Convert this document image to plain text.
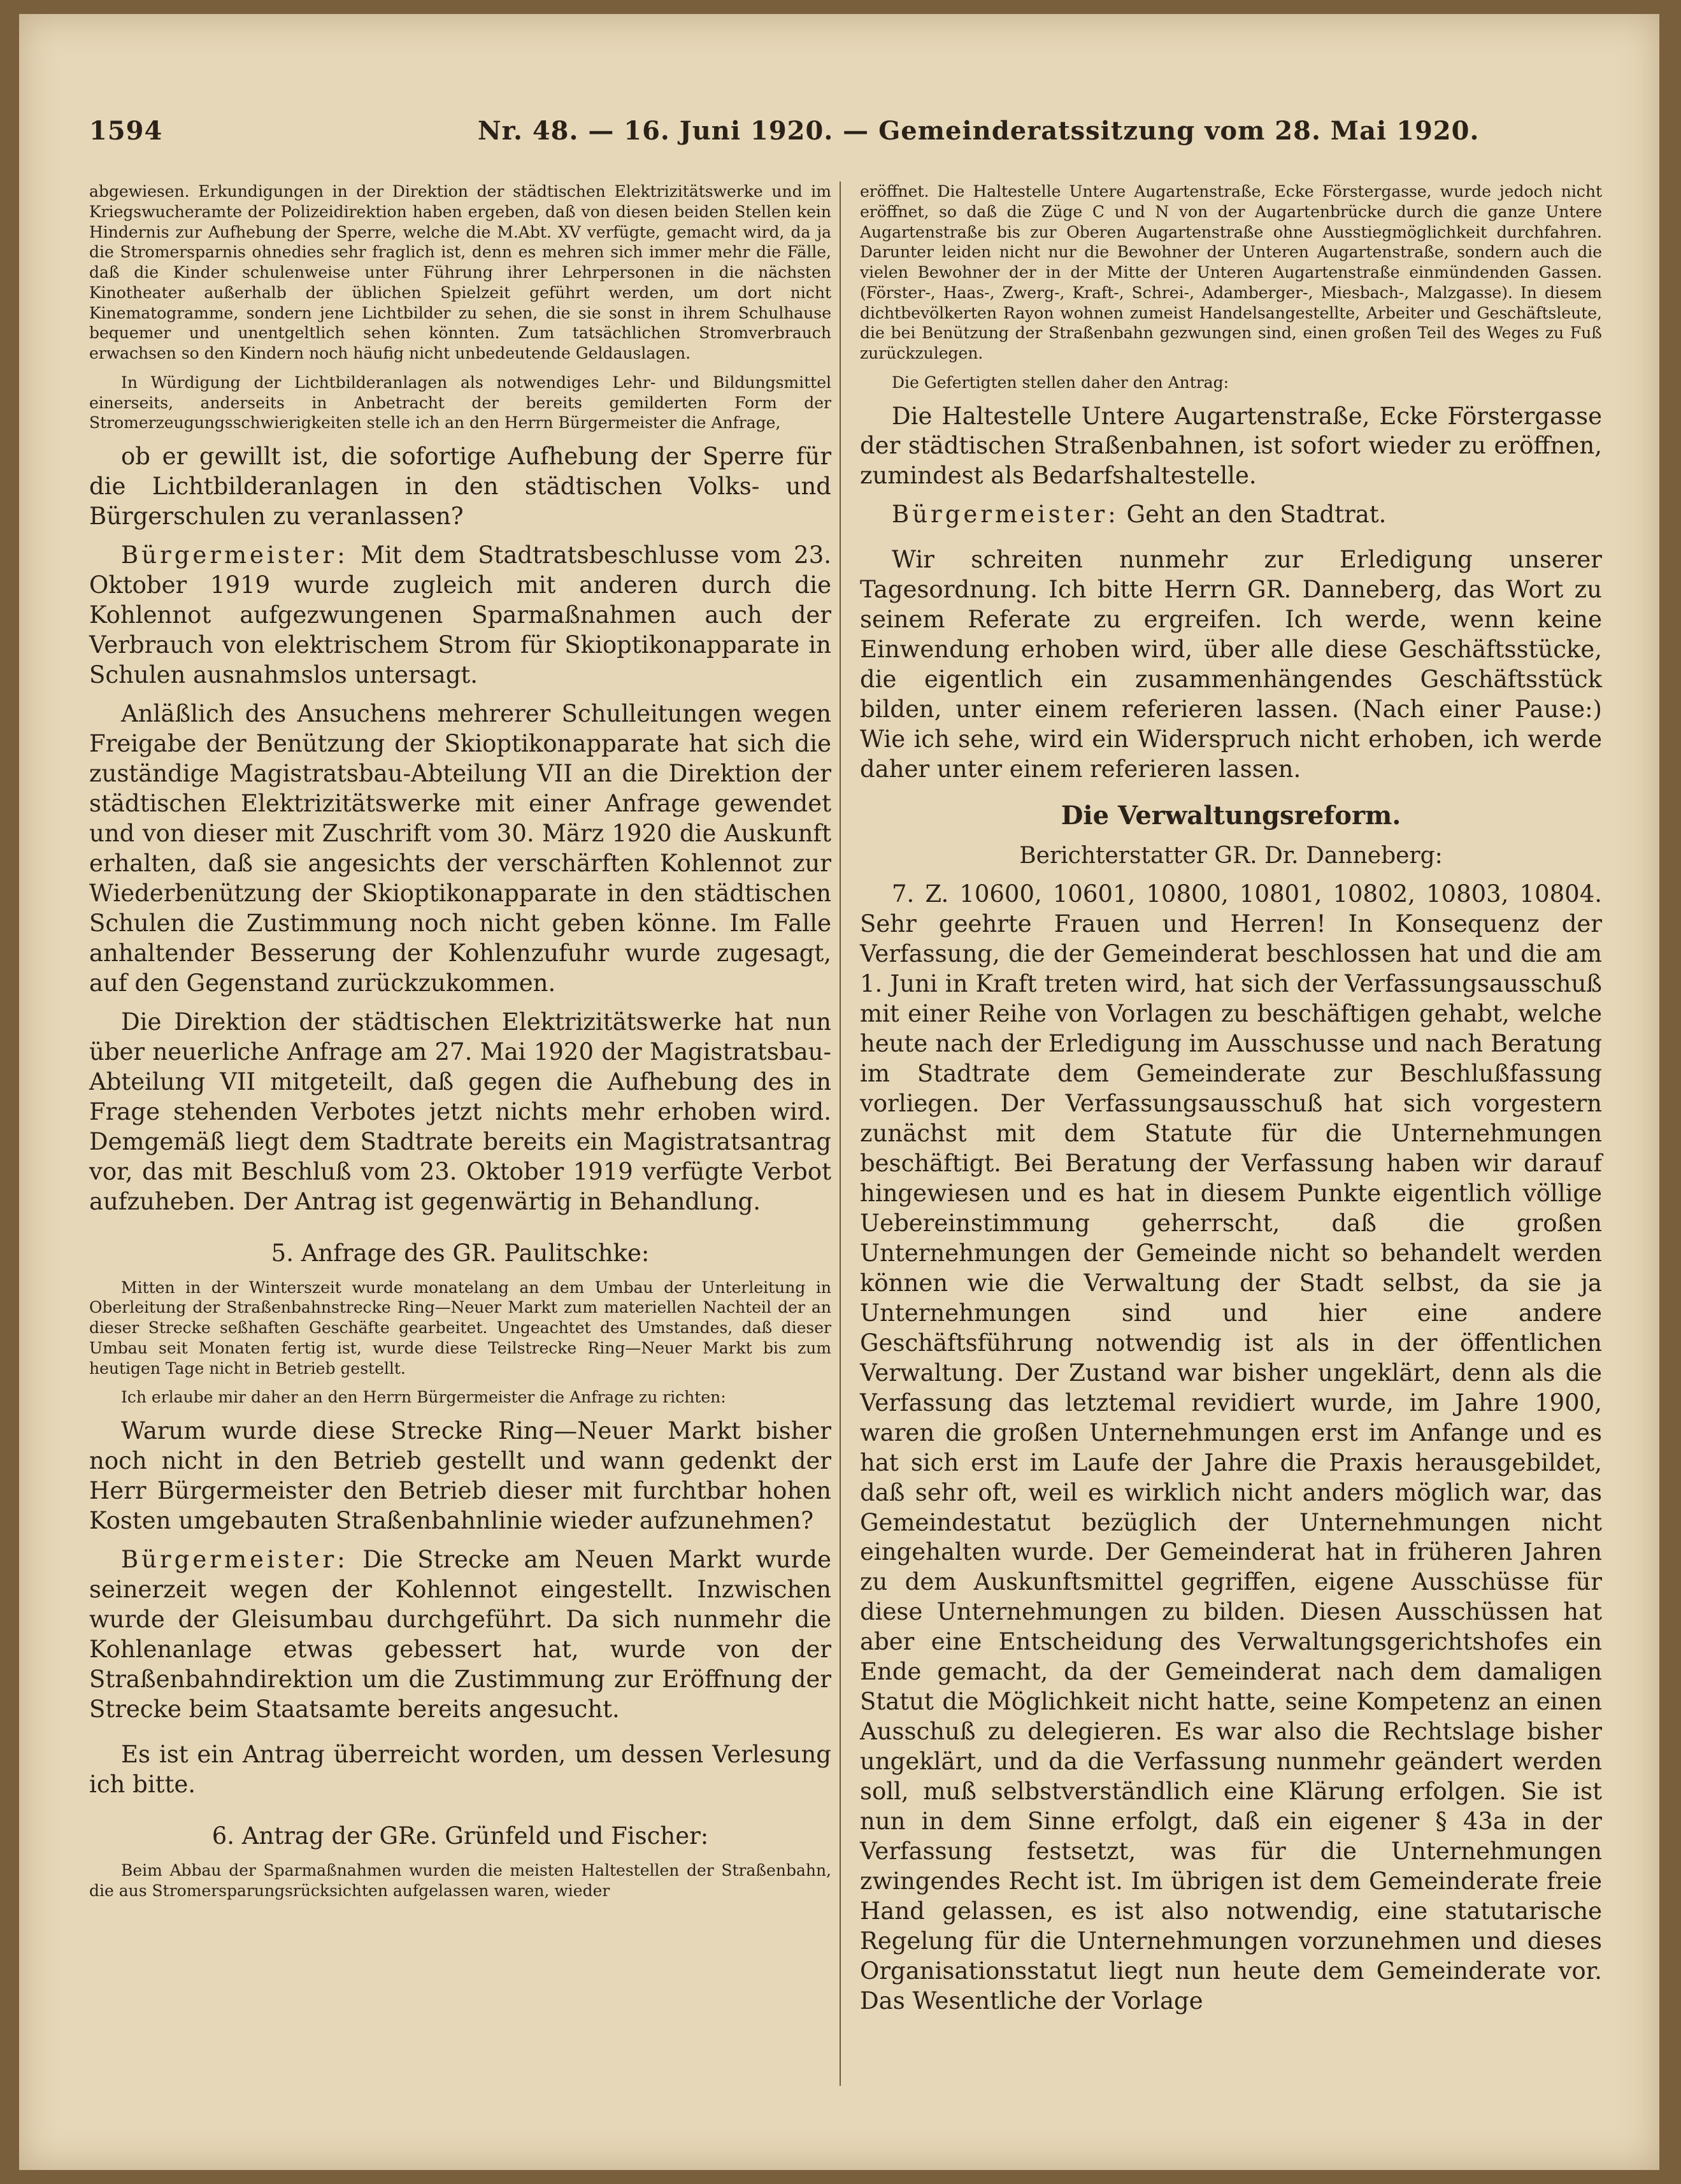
1594	Nr. 48. — 16. Juni 1920. — Gemeinderatssitzung vom 28. Mai 1920.

abgewiesen. Erkundigungen in der Direktion der städtischen Elektrizitätswerke und im Kriegswucheramte der Polizeidirektion haben ergeben, daß von diesen beiden Stellen kein Hindernis zur Aufhebung der Sperre, welche die M.Abt. XV verfügte, gemacht wird, da ja die Stromersparnis ohnedies sehr fraglich ist, denn es mehren sich immer mehr die Fälle, daß die Kinder schulenweise unter Führung ihrer Lehrpersonen in die nächsten Kinotheater außerhalb der üblichen Spielzeit geführt werden, um dort nicht Kinematogramme, sondern jene Lichtbilder zu sehen, die sie sonst in ihrem Schulhause bequemer und unentgeltlich sehen könnten. Zum tatsächlichen Stromverbrauch erwachsen so den Kindern noch häufig nicht unbedeutende Geldauslagen.

In Würdigung der Lichtbilderanlagen als notwendiges Lehr- und Bildungsmittel einerseits, anderseits in Anbetracht der bereits gemilderten Form der Stromerzeugungsschwierigkeiten stelle ich an den Herrn Bürgermeister die Anfrage,

ob er gewillt ist, die sofortige Aufhebung der Sperre für die Lichtbilderanlagen in den städtischen Volks- und Bürgerschulen zu veranlassen?

Bürgermeister: Mit dem Stadtratsbeschlusse vom 23. Oktober 1919 wurde zugleich mit anderen durch die Kohlennot aufgezwungenen Sparmaßnahmen auch der Verbrauch von elektrischem Strom für Skioptikonapparate in Schulen ausnahmslos untersagt.

Anläßlich des Ansuchens mehrerer Schulleitungen wegen Freigabe der Benützung der Skioptikonapparate hat sich die zuständige Magistratsbau-Abteilung VII an die Direktion der städtischen Elektrizitätswerke mit einer Anfrage gewendet und von dieser mit Zuschrift vom 30. März 1920 die Auskunft erhalten, daß sie angesichts der verschärften Kohlennot zur Wiederbenützung der Skioptikonapparate in den städtischen Schulen die Zustimmung noch nicht geben könne. Im Falle anhaltender Besserung der Kohlenzufuhr wurde zugesagt, auf den Gegenstand zurückzukommen.

Die Direktion der städtischen Elektrizitätswerke hat nun über neuerliche Anfrage am 27. Mai 1920 der Magistratsbau-Abteilung VII mitgeteilt, daß gegen die Aufhebung des in Frage stehenden Verbotes jetzt nichts mehr erhoben wird. Demgemäß liegt dem Stadtrate bereits ein Magistratsantrag vor, das mit Beschluß vom 23. Oktober 1919 verfügte Verbot aufzuheben. Der Antrag ist gegenwärtig in Behandlung.

5. Anfrage des GR. Paulitschke:

Mitten in der Winterszeit wurde monatelang an dem Umbau der Unterleitung in Oberleitung der Straßenbahnstrecke Ring—Neuer Markt zum materiellen Nachteil der an dieser Strecke seßhaften Geschäfte gearbeitet. Ungeachtet des Umstandes, daß dieser Umbau seit Monaten fertig ist, wurde diese Teilstrecke Ring—Neuer Markt bis zum heutigen Tage nicht in Betrieb gestellt.

Ich erlaube mir daher an den Herrn Bürgermeister die Anfrage zu richten:

Warum wurde diese Strecke Ring—Neuer Markt bisher noch nicht in den Betrieb gestellt und wann gedenkt der Herr Bürgermeister den Betrieb dieser mit furchtbar hohen Kosten umgebauten Straßenbahnlinie wieder aufzunehmen?

Bürgermeister: Die Strecke am Neuen Markt wurde seinerzeit wegen der Kohlennot eingestellt. Inzwischen wurde der Gleisumbau durchgeführt. Da sich nunmehr die Kohlenanlage etwas gebessert hat, wurde von der Straßenbahndirektion um die Zustimmung zur Eröffnung der Strecke beim Staatsamte bereits angesucht.

Es ist ein Antrag überreicht worden, um dessen Verlesung ich bitte.

6. Antrag der GRe. Grünfeld und Fischer:

Beim Abbau der Sparmaßnahmen wurden die meisten Haltestellen der Straßenbahn, die aus Stromersparungsrücksichten aufgelassen waren, wieder

eröffnet. Die Haltestelle Untere Augartenstraße, Ecke Förstergasse, wurde jedoch nicht eröffnet, so daß die Züge C und N von der Augartenbrücke durch die ganze Untere Augartenstraße bis zur Oberen Augartenstraße ohne Ausstiegmöglichkeit durchfahren. Darunter leiden nicht nur die Bewohner der Unteren Augartenstraße, sondern auch die vielen Bewohner der in der Mitte der Unteren Augartenstraße einmündenden Gassen. (Förster-, Haas-, Zwerg-, Kraft-, Schrei-, Adamberger-, Miesbach-, Malzgasse). In diesem dichtbevölkerten Rayon wohnen zumeist Handelsangestellte, Arbeiter und Geschäftsleute, die bei Benützung der Straßenbahn gezwungen sind, einen großen Teil des Weges zu Fuß zurückzulegen.

Die Gefertigten stellen daher den Antrag:

Die Haltestelle Untere Augartenstraße, Ecke Förstergasse der städtischen Straßenbahnen, ist sofort wieder zu eröffnen, zumindest als Bedarfshaltestelle.

Bürgermeister: Geht an den Stadtrat.

Wir schreiten nunmehr zur Erledigung unserer Tagesordnung. Ich bitte Herrn GR. Danneberg, das Wort zu seinem Referate zu ergreifen. Ich werde, wenn keine Einwendung erhoben wird, über alle diese Geschäftsstücke, die eigentlich ein zusammenhängendes Geschäftsstück bilden, unter einem referieren lassen. (Nach einer Pause:) Wie ich sehe, wird ein Widerspruch nicht erhoben, ich werde daher unter einem referieren lassen.

Die Verwaltungsreform.

Berichterstatter GR. Dr. Danneberg:

7. Z. 10600, 10601, 10800, 10801, 10802, 10803, 10804. Sehr geehrte Frauen und Herren! In Konsequenz der Verfassung, die der Gemeinderat beschlossen hat und die am 1. Juni in Kraft treten wird, hat sich der Verfassungsausschuß mit einer Reihe von Vorlagen zu beschäftigen gehabt, welche heute nach der Erledigung im Ausschusse und nach Beratung im Stadtrate dem Gemeinderate zur Beschlußfassung vorliegen. Der Verfassungsausschuß hat sich vorgestern zunächst mit dem Statute für die Unternehmungen beschäftigt. Bei Beratung der Verfassung haben wir darauf hingewiesen und es hat in diesem Punkte eigentlich völlige Uebereinstimmung geherrscht, daß die großen Unternehmungen der Gemeinde nicht so behandelt werden können wie die Verwaltung der Stadt selbst, da sie ja Unternehmungen sind und hier eine andere Geschäftsführung notwendig ist als in der öffentlichen Verwaltung. Der Zustand war bisher ungeklärt, denn als die Verfassung das letztemal revidiert wurde, im Jahre 1900, waren die großen Unternehmungen erst im Anfange und es hat sich erst im Laufe der Jahre die Praxis herausgebildet, daß sehr oft, weil es wirklich nicht anders möglich war, das Gemeindestatut bezüglich der Unternehmungen nicht eingehalten wurde. Der Gemeinderat hat in früheren Jahren zu dem Auskunftsmittel gegriffen, eigene Ausschüsse für diese Unternehmungen zu bilden. Diesen Ausschüssen hat aber eine Entscheidung des Verwaltungsgerichtshofes ein Ende gemacht, da der Gemeinderat nach dem damaligen Statut die Möglichkeit nicht hatte, seine Kompetenz an einen Ausschuß zu delegieren. Es war also die Rechtslage bisher ungeklärt, und da die Verfassung nunmehr geändert werden soll, muß selbstverständlich eine Klärung erfolgen. Sie ist nun in dem Sinne erfolgt, daß ein eigener § 43a in der Verfassung festsetzt, was für die Unternehmungen zwingendes Recht ist. Im übrigen ist dem Gemeinderate freie Hand gelassen, es ist also notwendig, eine statutarische Regelung für die Unternehmungen vorzunehmen und dieses Organisationsstatut liegt nun heute dem Gemeinderate vor. Das Wesentliche der Vorlage
